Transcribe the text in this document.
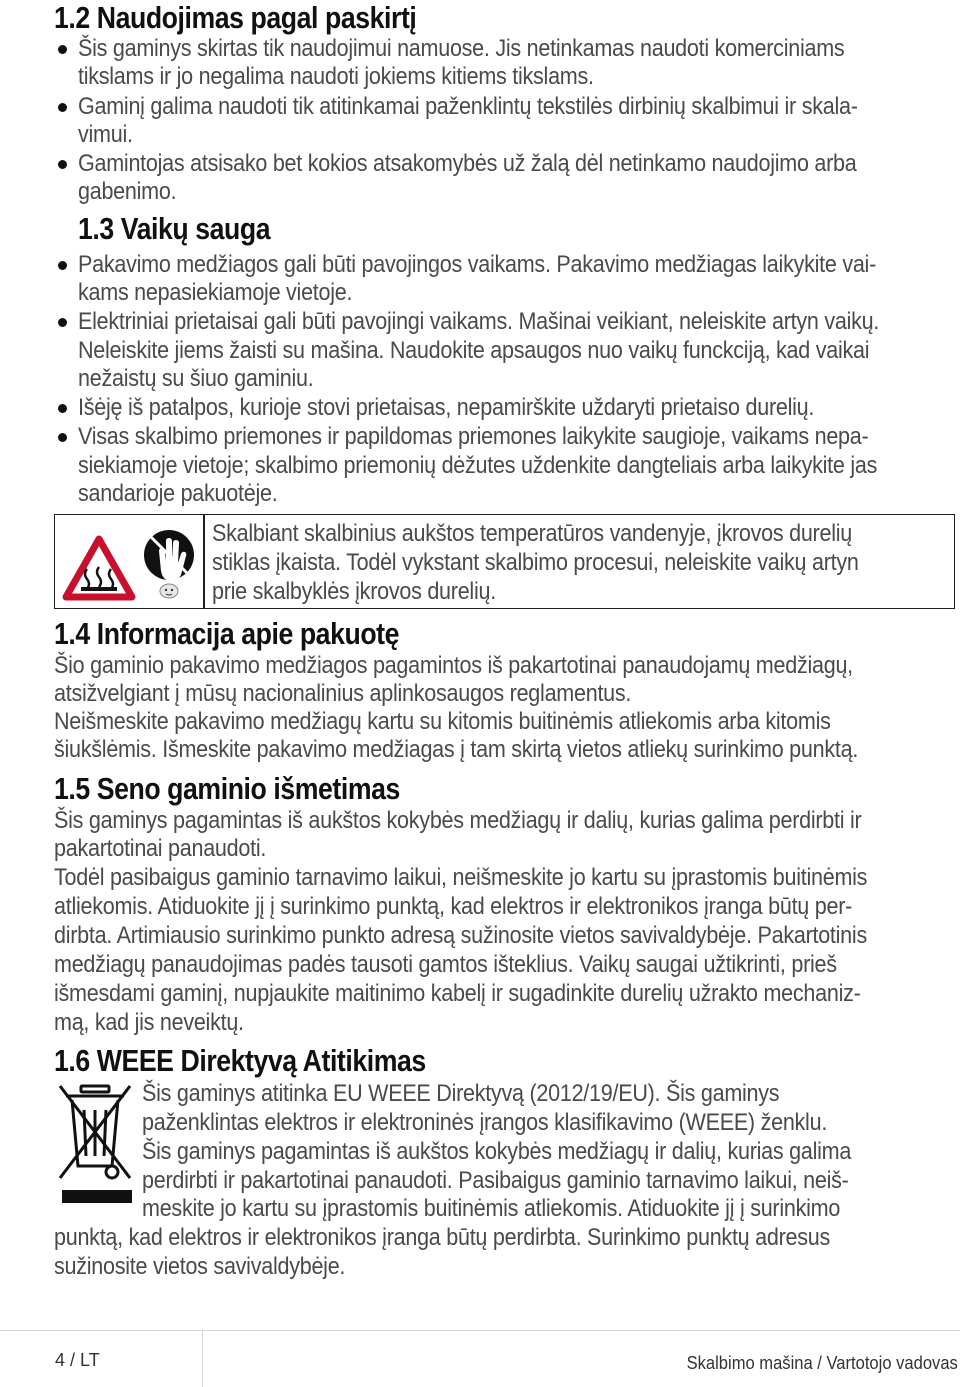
1.2 Naudojimas pagal paskirtį
Šis gaminys skirtas tik naudojimui namuose. Jis netinkamas naudoti komerciniams
tikslams ir jo negalima naudoti jokiems kitiems tikslams.
Gaminį galima naudoti tik atitinkamai paženklintų tekstilės dirbinių skalbimui ir skala-
vimui.
Gamintojas atsisako bet kokios atsakomybės už žalą dėl netinkamo naudojimo arba
gabenimo.
1.3 Vaikų sauga
Pakavimo medžiagos gali būti pavojingos vaikams. Pakavimo medžiagas laikykite vai-
kams nepasiekiamoje vietoje.
Elektriniai prietaisai gali būti pavojingi vaikams. Mašinai veikiant, neleiskite artyn vaikų.
Neleiskite jiems žaisti su mašina. Naudokite apsaugos nuo vaikų funckciją, kad vaikai
nežaistų su šiuo gaminiu.
Išėję iš patalpos, kurioje stovi prietaisas, nepamirškite uždaryti prietaiso durelių.
Visas skalbimo priemones ir papildomas priemones laikykite saugioje, vaikams nepa-
siekiamoje vietoje; skalbimo priemonių dėžutes uždenkite dangteliais arba laikykite jas
sandarioje pakuotėje.
Skalbiant skalbinius aukštos temperatūros vandenyje, įkrovos durelių
stiklas įkaista. Todėl vykstant skalbimo procesui, neleiskite vaikų artyn
prie skalbyklės įkrovos durelių.
1.4 Informacija apie pakuotę
Šio gaminio pakavimo medžiagos pagamintos iš pakartotinai panaudojamų medžiagų,
atsižvelgiant į mūsų nacionalinius aplinkosaugos reglamentus.
Neišmeskite pakavimo medžiagų kartu su kitomis buitinėmis atliekomis arba kitomis
šiukšlėmis. Išmeskite pakavimo medžiagas į tam skirtą vietos atliekų surinkimo punktą.
1.5 Seno gaminio išmetimas
Šis gaminys pagamintas iš aukštos kokybės medžiagų ir dalių, kurias galima perdirbti ir
pakartotinai panaudoti.
Todėl pasibaigus gaminio tarnavimo laikui, neišmeskite jo kartu su įprastomis buitinėmis
atliekomis. Atiduokite jį į surinkimo punktą, kad elektros ir elektronikos įranga būtų per-
dirbta. Artimiausio surinkimo punkto adresą sužinosite vietos savivaldybėje. Pakartotinis
medžiagų panaudojimas padės tausoti gamtos išteklius. Vaikų saugai užtikrinti, prieš
išmesdami gaminį, nupjaukite maitinimo kabelį ir sugadinkite durelių užrakto mechaniz-
mą, kad jis neveiktų.
1.6 WEEE Direktyvą Atitikimas
Šis gaminys atitinka EU WEEE Direktyvą (2012/19/EU). Šis gaminys
paženklintas elektros ir elektroninės įrangos klasifikavimo (WEEE) ženklu.
Šis gaminys pagamintas iš aukštos kokybės medžiagų ir dalių, kurias galima
perdirbti ir pakartotinai panaudoti. Pasibaigus gaminio tarnavimo laikui, neiš-
meskite jo kartu su įprastomis buitinėmis atliekomis. Atiduokite jį į surinkimo
punktą, kad elektros ir elektronikos įranga būtų perdirbta. Surinkimo punktų adresus
sužinosite vietos savivaldybėje.
4 / LT	Skalbimo mašina / Vartotojo vadovas
